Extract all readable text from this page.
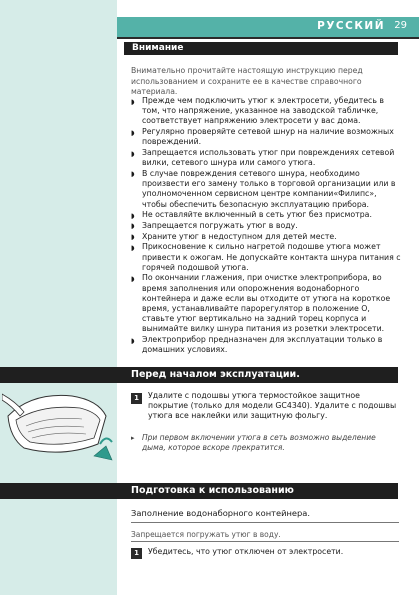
РУССКИЙ 29
Внимание
Внимательно прочитайте настоящую инструкцию перед использованием и сохраните ее в качестве справочного материала.
◗ Прежде чем подключить утюг к электросети, убедитесь в том, что напряжение, указанное на заводской табличке, соответствует напряжению электросети у вас дома.
◗ Регулярно проверяйте сетевой шнур на наличие возможных повреждений.
◗ Запрещается использовать утюг при повреждениях сетевой вилки, сетевого шнура или самого утюга.
◗ В случае повреждения сетевого шнура, необходимо произвести его замену только в торговой организации или в уполномоченном сервисном центре компании«Филипс», чтобы обеспечить безопасную эксплуатацию прибора.
◗ Не оставляйте включенный в сеть утюг без присмотра.
◗ Запрещается погружать утюг в воду.
◗ Храните утюг в недоступном для детей месте.
◗ Прикосновение к сильно нагретой подошве утюга может привести к ожогам. Не допускайте контакта шнура питания с горячей подошвой утюга.
◗ По окончании глажения, при очистке электроприбора, во время заполнения или опорожнения водонаборного контейнера и даже если вы отходите от утюга на короткое время, устанавливайте парорегулятор в положение O, ставьте утюг вертикально на задний торец корпуса и вынимайте вилку шнура питания из розетки электросети.
◗ Электроприбор предназначен для эксплуатации только в домашних условиях.
Перед началом эксплуатации.
1	Удалите с подошвы утюга термостойкое защитное покрытие (только для модели GC4340). Удалите с подошвы утюга все наклейки или защитную фольгу.
▸ При первом включении утюга в сеть возможно выделение дыма, которое вскоре прекратится.
Подготовка к использованию
Заполнение водонаборного контейнера.
Запрещается погружать утюг в воду.
1	Убедитесь, что утюг отключен от электросети.
